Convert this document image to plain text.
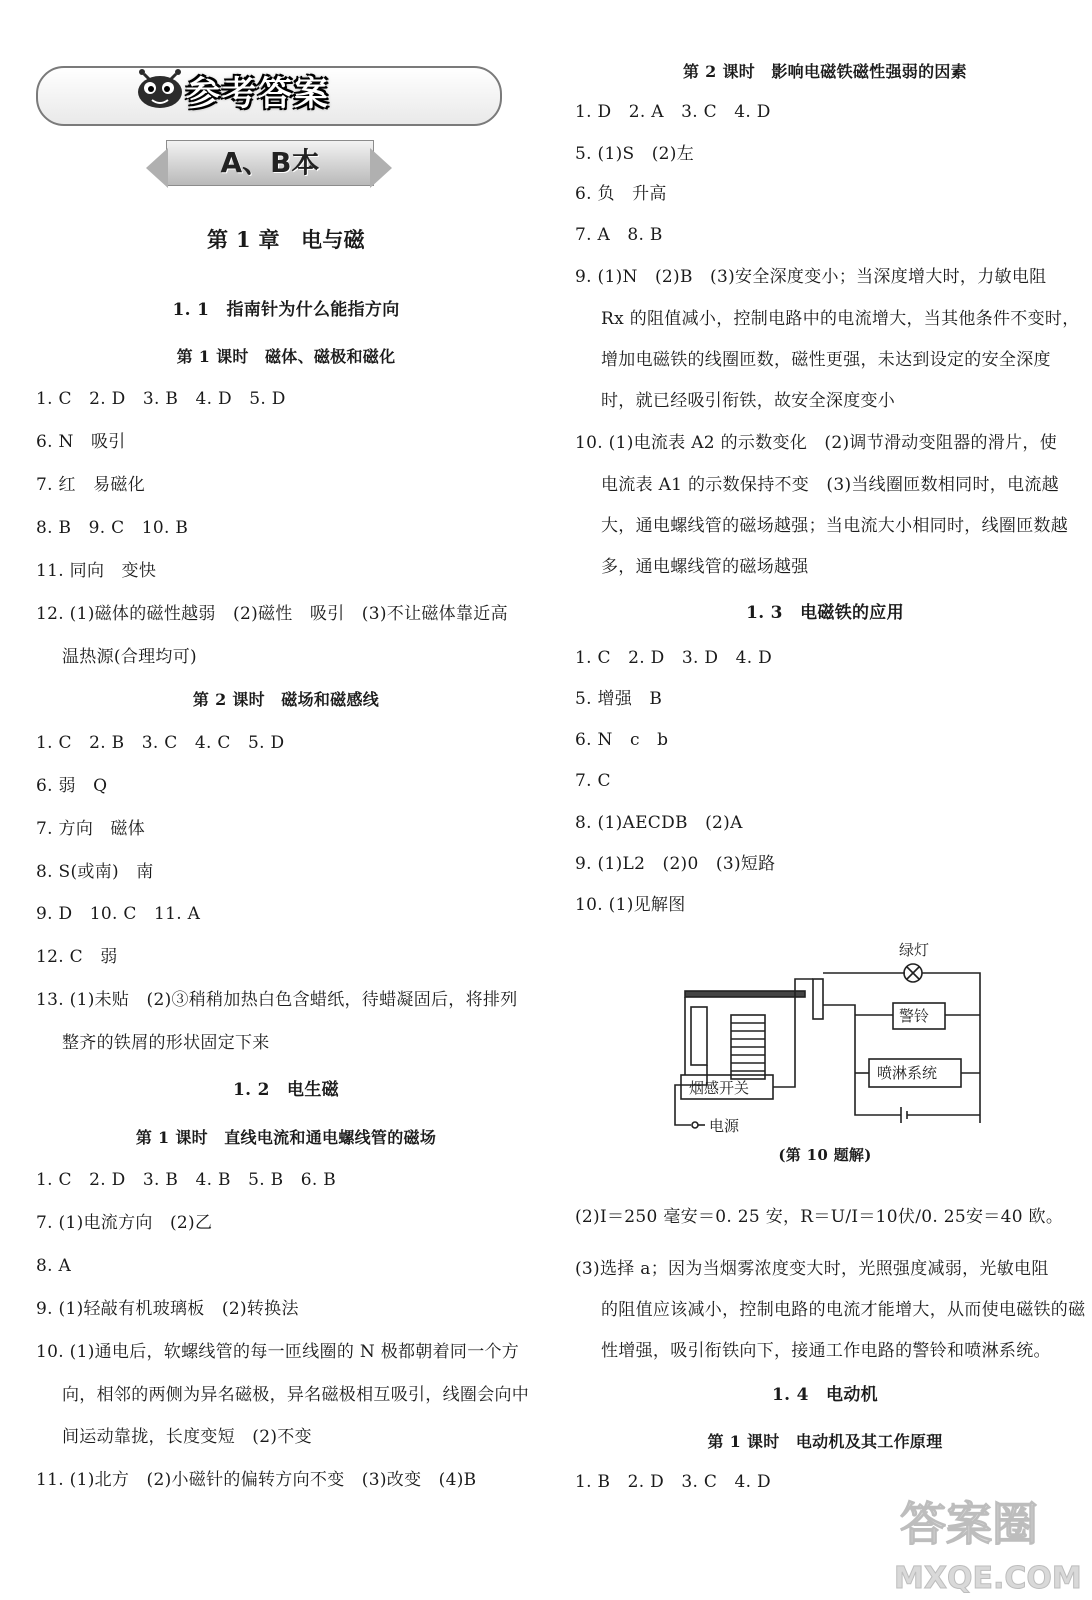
参考答案
A、B本
第 1 章　电与磁
1. 1　指南针为什么能指方向
第 1 课时　磁体、磁极和磁化
1. C　2. D　3. B　4. D　5. D
6. N　吸引
7. 红　易磁化
8. B　9. C　10. B
11. 同向　变快
12. (1)磁体的磁性越弱　(2)磁性　吸引　(3)不让磁体靠近高
温热源(合理均可)
第 2 课时　磁场和磁感线
1. C　2. B　3. C　4. C　5. D
6. 弱　Q
7. 方向　磁体
8. S(或南)　南
9. D　10. C　11. A
12. C　弱
13. (1)未贴　(2)③稍稍加热白色含蜡纸，待蜡凝固后，将排列
整齐的铁屑的形状固定下来
1. 2　电生磁
第 1 课时　直线电流和通电螺线管的磁场
1. C　2. D　3. B　4. B　5. B　6. B
7. (1)电流方向　(2)乙
8. A
9. (1)轻敲有机玻璃板　(2)转换法
10. (1)通电后，软螺线管的每一匝线圈的 N 极都朝着同一个方
向，相邻的两侧为异名磁极，异名磁极相互吸引，线圈会向中
间运动靠拢，长度变短　(2)不变
11. (1)北方　(2)小磁针的偏转方向不变　(3)改变　(4)B
第 2 课时　影响电磁铁磁性强弱的因素
1. D　2. A　3. C　4. D
5. (1)S　(2)左
6. 负　升高
7. A　8. B
9. (1)N　(2)B　(3)安全深度变小；当深度增大时，力敏电阻
Rx 的阻值减小，控制电路中的电流增大，当其他条件不变时，
增加电磁铁的线圈匝数，磁性更强，未达到设定的安全深度
时，就已经吸引衔铁，故安全深度变小
10. (1)电流表 A2 的示数变化　(2)调节滑动变阻器的滑片，使
电流表 A1 的示数保持不变　(3)当线圈匝数相同时，电流越
大，通电螺线管的磁场越强；当电流大小相同时，线圈匝数越
多，通电螺线管的磁场越强
1. 3　电磁铁的应用
1. C　2. D　3. D　4. D
5. 增强　B
6. N　c　b
7. C
8. (1)AECDB　(2)A
9. (1)L2　(2)0　(3)短路
10. (1)见解图
(第 10 题解)
(2)I＝250 毫安＝0. 25 安，R＝U/I＝10伏/0. 25安＝40 欧。
(3)选择 a；因为当烟雾浓度变大时，光照强度减弱，光敏电阻
的阻值应该减小，控制电路的电流才能增大，从而使电磁铁的磁
性增强，吸引衔铁向下，接通工作电路的警铃和喷淋系统。
1. 4　电动机
第 1 课时　电动机及其工作原理
1. B　2. D　3. C　4. D
绿灯
警铃
喷淋系统
烟感开关
电源
答案圈
MXQE.COM
